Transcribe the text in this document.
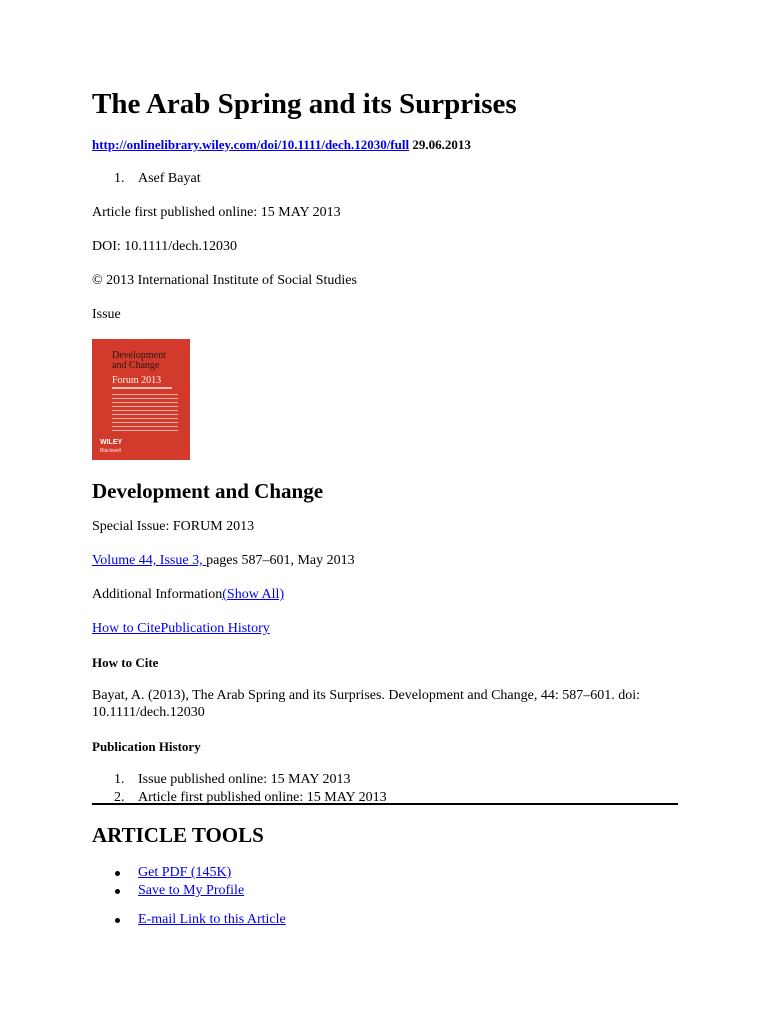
The Arab Spring and its Surprises
http://onlinelibrary.wiley.com/doi/10.1111/dech.12030/full 29.06.2013
1. Asef Bayat
Article first published online: 15 MAY 2013
DOI: 10.1111/dech.12030
© 2013 International Institute of Social Studies
Issue
Development
and Change
Forum 2013
WILEY
Blackwell
Development and Change
Special Issue: FORUM 2013
Volume 44, Issue 3, pages 587–601, May 2013
Additional Information(Show All)
How to CitePublication History
How to Cite
Bayat, A. (2013), The Arab Spring and its Surprises. Development and Change, 44: 587–601. doi: 10.1111/dech.12030
Publication History
1. Issue published online: 15 MAY 2013
2. Article first published online: 15 MAY 2013
ARTICLE TOOLS
Get PDF (145K)
Save to My Profile
E-mail Link to this Article
